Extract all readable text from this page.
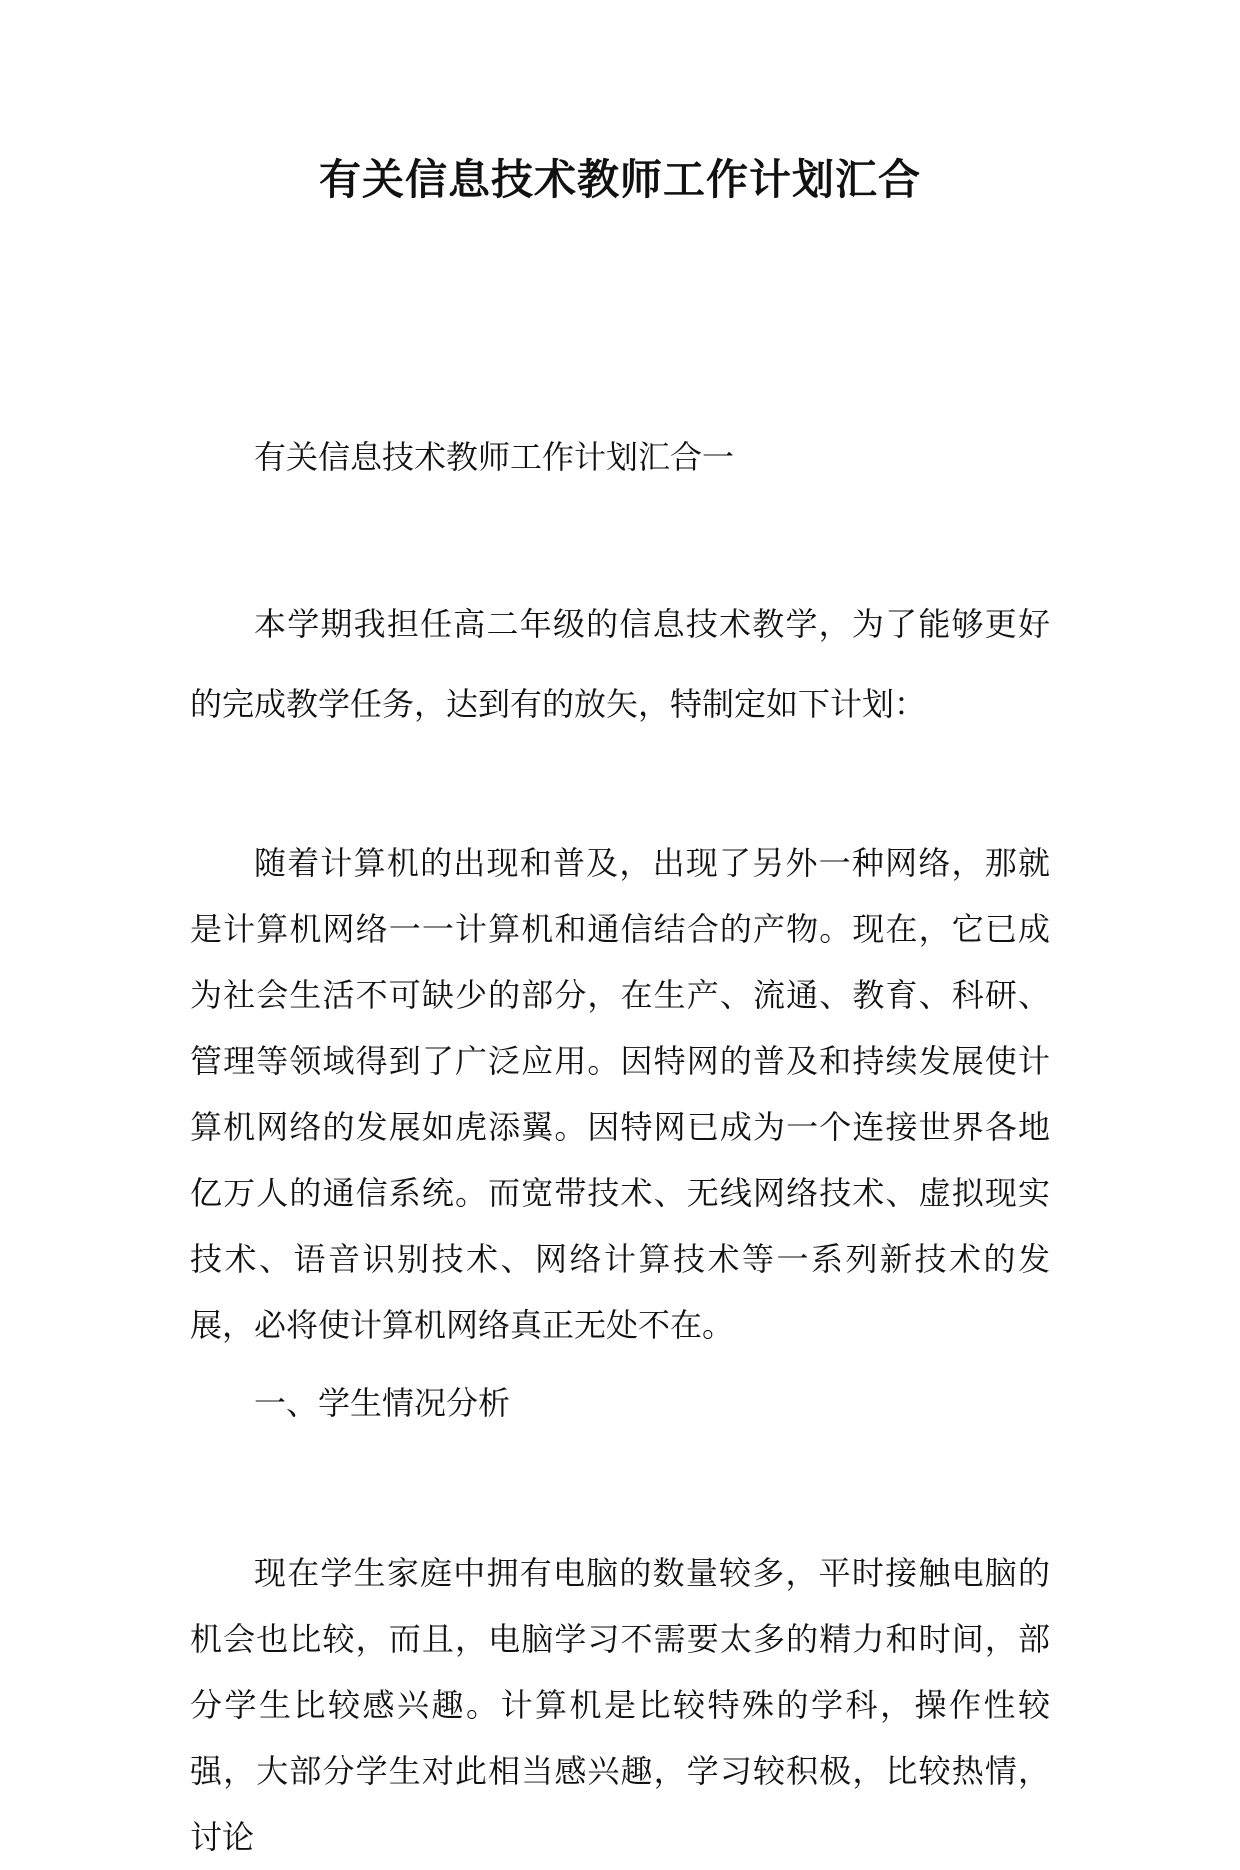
有关信息技术教师工作计划汇合

有关信息技术教师工作计划汇合一

本学期我担任高二年级的信息技术教学，为了能够更好的完成教学任务，达到有的放矢，特制定如下计划：

随着计算机的出现和普及，出现了另外一种网络，那就是计算机网络一一计算机和通信结合的产物。现在，它已成为社会生活不可缺少的部分，在生产、流通、教育、科研、管理等领域得到了广泛应用。因特网的普及和持续发展使计算机网络的发展如虎添翼。因特网已成为一个连接世界各地亿万人的通信系统。而宽带技术、无线网络技术、虚拟现实技术、语音识别技术、网络计算技术等一系列新技术的发展，必将使计算机网络真正无处不在。

一、学生情况分析

现在学生家庭中拥有电脑的数量较多，平时接触电脑的机会也比较，而且，电脑学习不需要太多的精力和时间，部分学生比较感兴趣。计算机是比较特殊的学科，操作性较强，大部分学生对此相当感兴趣，学习较积极，比较热情，讨论
